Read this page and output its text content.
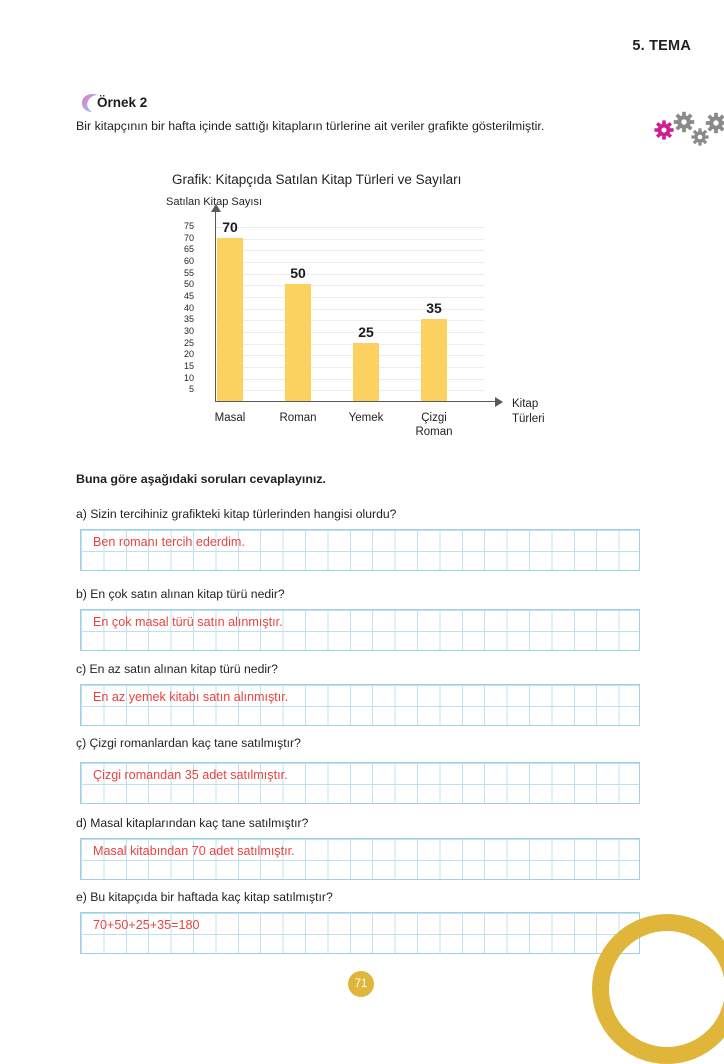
5. TEMA
Örnek 2
Bir kitapçının bir hafta içinde sattığı kitapların türlerine ait veriler grafikte gösterilmiştir.
Grafik: Kitapçıda Satılan Kitap Türleri ve Sayıları
Satılan Kitap Sayısı
5
10
15
20
25
30
35
40
45
50
55
60
65
70
75	70
50
25
35
Masal	Roman	Yemek	Çizgi
Roman
Kitap
Türleri
Buna göre aşağıdaki soruları cevaplayınız.
a) Sizin tercihiniz grafikteki kitap türlerinden hangisi olurdu?
Ben romanı tercih ederdim.
b) En çok satın alınan kitap türü nedir?
En çok masal türü satın alınmıştır.
c) En az satın alınan kitap türü nedir?
En az yemek kitabı satın alınmıştır.
ç) Çizgi romanlardan kaç tane satılmıştır?
Çizgi romandan 35 adet satılmıştır.
d) Masal kitaplarından kaç tane satılmıştır?
Masal kitabından 70 adet satılmıştır.
e) Bu kitapçıda bir haftada kaç kitap satılmıştır?
70+50+25+35=180
71
